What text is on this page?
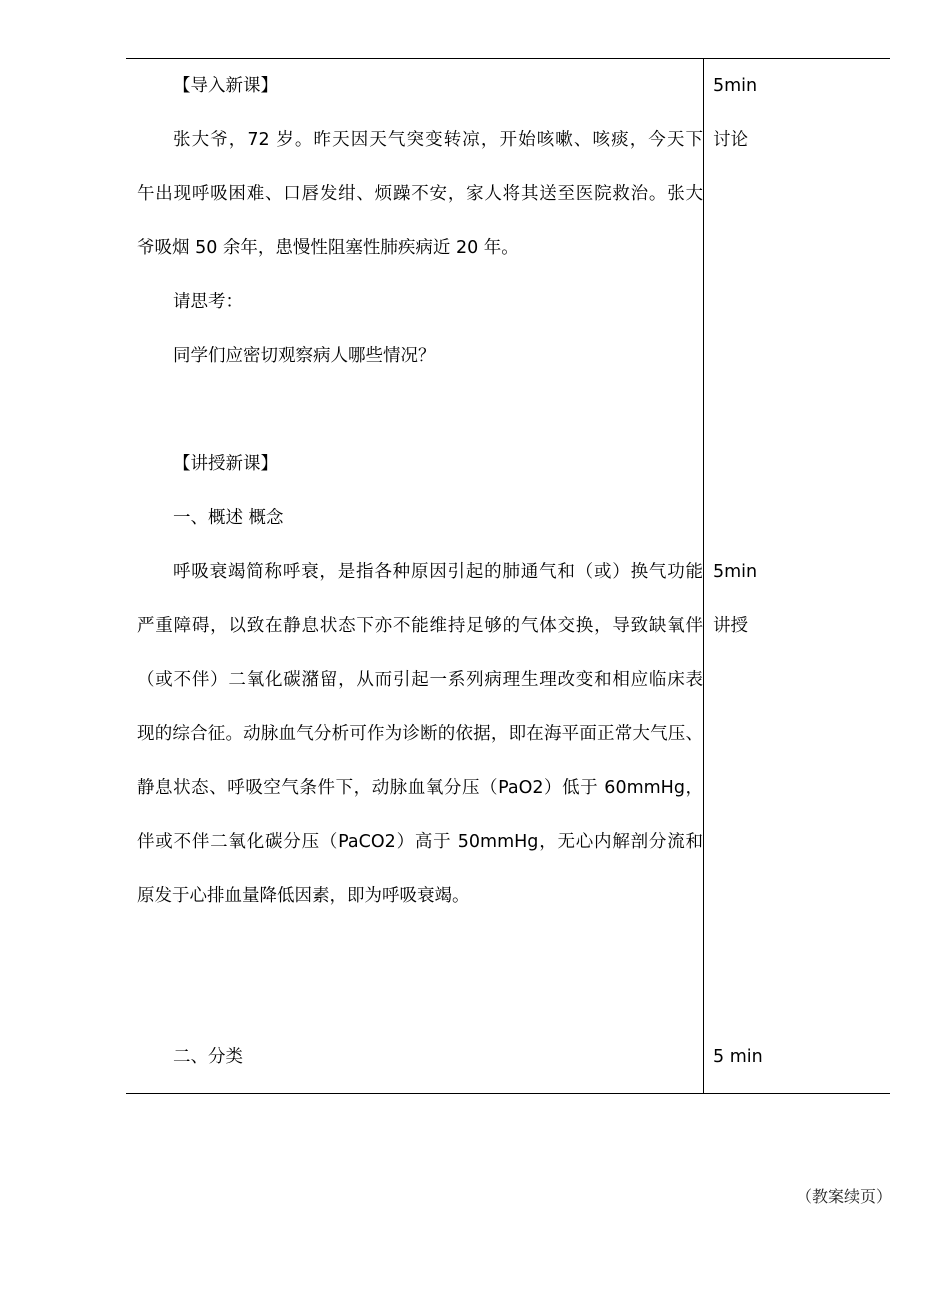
【导入新课】
张大爷，72 岁。昨天因天气突变转凉，开始咳嗽、咳痰，今天下
午出现呼吸困难、口唇发绀、烦躁不安，家人将其送至医院救治。张大
爷吸烟 50 余年，患慢性阻塞性肺疾病近 20 年。
请思考：
同学们应密切观察病人哪些情况？
【讲授新课】
一、概述 概念
呼吸衰竭简称呼衰，是指各种原因引起的肺通气和（或）换气功能
严重障碍，以致在静息状态下亦不能维持足够的气体交换，导致缺氧伴
（或不伴）二氧化碳潴留，从而引起一系列病理生理改变和相应临床表
现的综合征。动脉血气分析可作为诊断的依据，即在海平面正常大气压、
静息状态、呼吸空气条件下，动脉血氧分压（PaO2）低于 60mmHg，
伴或不伴二氧化碳分压（PaCO2）高于 50mmHg，无心内解剖分流和
原发于心排血量降低因素，即为呼吸衰竭。
二、分类
5min
讨论
5min
讲授
5 min
（教案续页）
